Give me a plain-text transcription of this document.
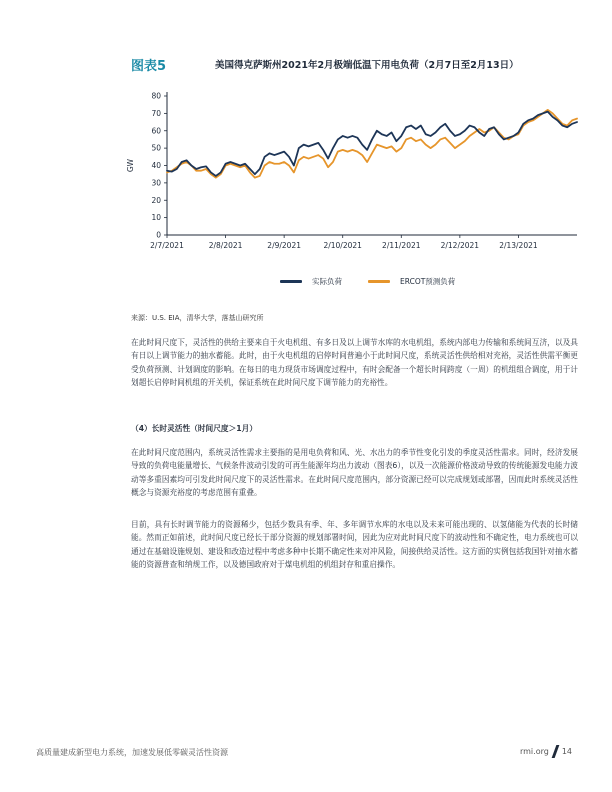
图表5	美国得克萨斯州2021年2月极端低温下用电负荷（2月7日至2月13日）
0
10
20
30
40
50
60
70
80
GW
2/7/2021	2/8/2021	2/9/2021	2/10/2021	2/11/2021	2/12/2021	2/13/2021
实际负荷	ERCOT预测负荷
来源：U.S. EIA，清华大学，落基山研究所

在此时间尺度下，灵活性的供给主要来自于火电机组、有多日及以上调节水库的水电机组，系统内部电力传输和系统间互济，以及具有日以上调节能力的抽水蓄能。此时，由于火电机组的启停时间普遍小于此时间尺度，系统灵活性供给相对充裕，灵活性供需平衡更受负荷预测、计划调度的影响。在每日的电力现货市场调度过程中，有时会配备一个超长时间跨度（一周）的机组组合调度，用于计划超长启停时间机组的开关机，保证系统在此时间尺度下调节能力的充裕性。

（4）长时灵活性（时间尺度＞1月）

在此时间尺度范围内，系统灵活性需求主要指的是用电负荷和风、光、水出力的季节性变化引发的季度灵活性需求。同时，经济发展导致的负荷电能量增长、气候条件波动引发的可再生能源年均出力波动（图表6），以及一次能源价格波动导致的传统能源发电能力波动等多重因素均可引发此时间尺度下的灵活性需求。在此时间尺度范围内，部分资源已经可以完成规划或部署，因而此时系统灵活性概念与资源充裕度的考虑范围有重叠。

目前，具有长时调节能力的资源稀少，包括少数具有季、年、多年调节水库的水电以及未来可能出现的、以氢储能为代表的长时储能。然而正如前述，此时间尺度已经长于部分资源的规划部署时间，因此为应对此时间尺度下的波动性和不确定性，电力系统也可以通过在基础设施规划、建设和改造过程中考虑多种中长期不确定性来对冲风险，间接供给灵活性。这方面的实例包括我国针对抽水蓄能的资源普查和纳规工作，以及德国政府对于煤电机组的机组封存和重启操作。

高质量建成新型电力系统，加速发展低零碳灵活性资源	rmi.org 14
